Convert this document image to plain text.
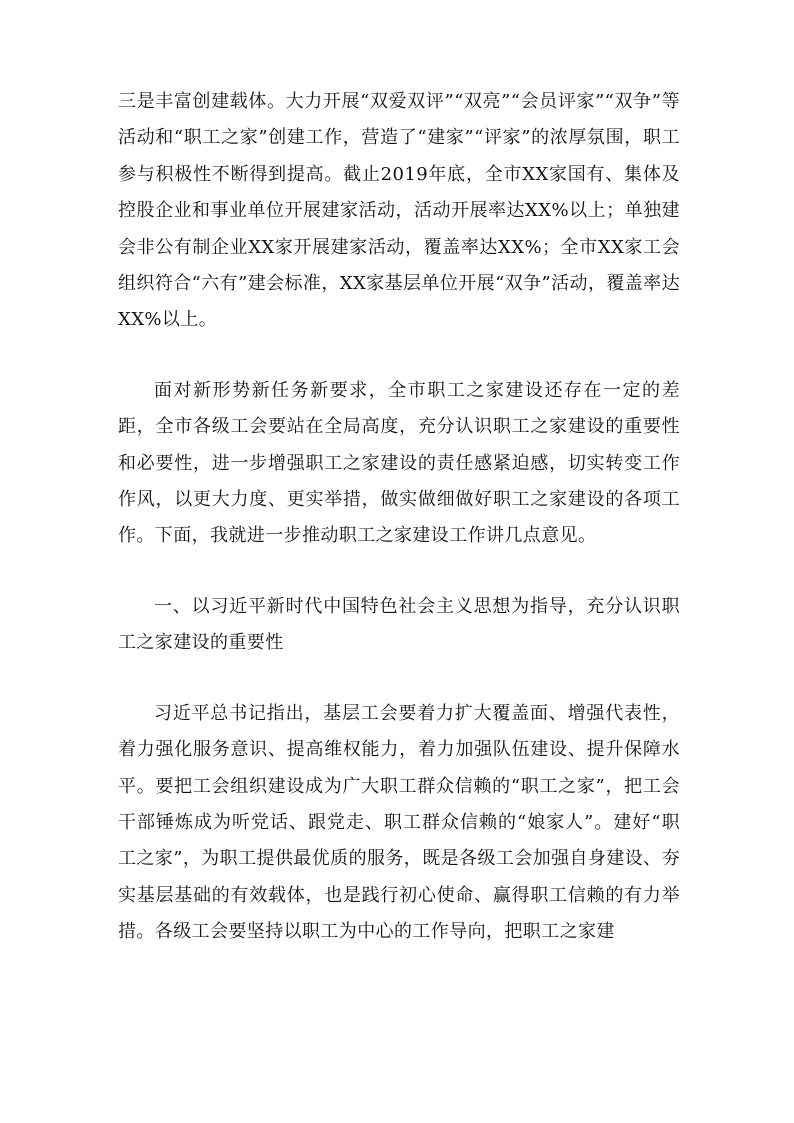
三是丰富创建载体。大力开展“双爱双评”“双亮”“会员评家”“双争”等活动和“职工之家”创建工作，营造了“建家”“评家”的浓厚氛围，职工参与积极性不断得到提高。截止2019年底，全市XX家国有、集体及控股企业和事业单位开展建家活动，活动开展率达XX%以上；单独建会非公有制企业XX家开展建家活动，覆盖率达XX%；全市XX家工会组织符合“六有”建会标准，XX家基层单位开展“双争”活动，覆盖率达XX%以上。

面对新形势新任务新要求，全市职工之家建设还存在一定的差距，全市各级工会要站在全局高度，充分认识职工之家建设的重要性和必要性，进一步增强职工之家建设的责任感紧迫感，切实转变工作作风，以更大力度、更实举措，做实做细做好职工之家建设的各项工作。下面，我就进一步推动职工之家建设工作讲几点意见。

一、以习近平新时代中国特色社会主义思想为指导，充分认识职工之家建设的重要性

习近平总书记指出，基层工会要着力扩大覆盖面、增强代表性，着力强化服务意识、提高维权能力，着力加强队伍建设、提升保障水平。要把工会组织建设成为广大职工群众信赖的“职工之家”，把工会干部锤炼成为听党话、跟党走、职工群众信赖的“娘家人”。建好“职工之家”，为职工提供最优质的服务，既是各级工会加强自身建设、夯实基层基础的有效载体，也是践行初心使命、赢得职工信赖的有力举措。各级工会要坚持以职工为中心的工作导向，把职工之家建
